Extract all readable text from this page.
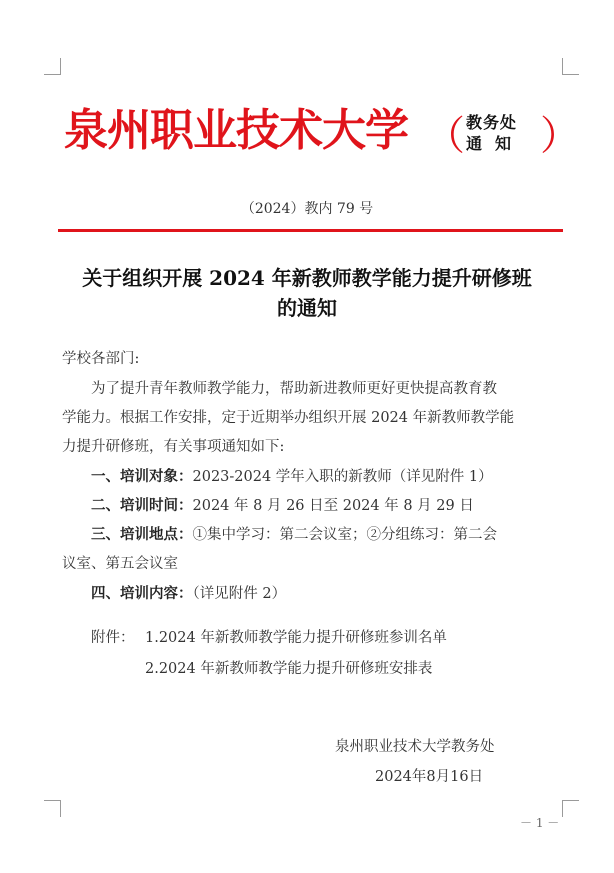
泉州职业技术大学 （ 教务处
通知 ）
（2024）教内 79 号
关于组织开展 2024 年新教师教学能力提升研修班
的通知
学校各部门:
为了提升青年教师教学能力，帮助新进教师更好更快提高教育教
学能力。根据工作安排，定于近期举办组织开展 2024 年新教师教学能
力提升研修班，有关事项通知如下:
一、培训对象：2023-2024 学年入职的新教师（详见附件 1）
二、培训时间：2024 年 8 月 26 日至 2024 年 8 月 29 日
三、培训地点：①集中学习：第二会议室；②分组练习：第二会
议室、第五会议室
四、培训内容：（详见附件 2）
附件： 1.2024 年新教师教学能力提升研修班参训名单
2.2024 年新教师教学能力提升研修班安排表
泉州职业技术大学教务处
2024年8月16日
－ 1 －
